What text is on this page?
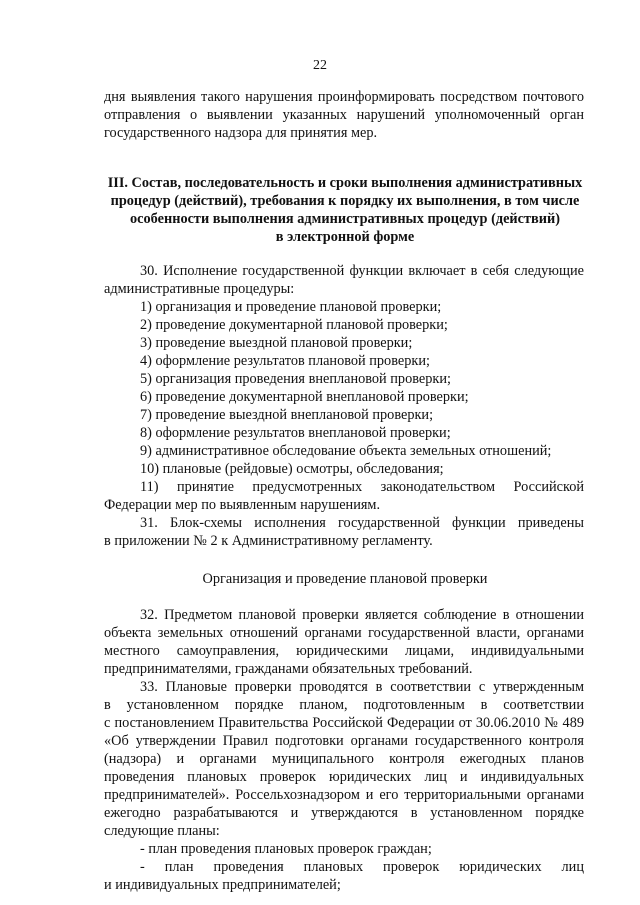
22
дня выявления такого нарушения проинформировать посредством почтового
отправления о выявлении указанных нарушений уполномоченный орган
государственного надзора для принятия мер.
III. Состав, последовательность и сроки выполнения административных
процедур (действий), требования к порядку их выполнения, в том числе
особенности выполнения административных процедур (действий)
в электронной форме
30. Исполнение государственной функции включает в себя следующие
административные процедуры:
1) организация и проведение плановой проверки;
2) проведение документарной плановой проверки;
3) проведение выездной плановой проверки;
4) оформление результатов плановой проверки;
5) организация проведения внеплановой проверки;
6) проведение документарной внеплановой проверки;
7) проведение выездной внеплановой проверки;
8) оформление результатов внеплановой проверки;
9) административное обследование объекта земельных отношений;
10) плановые (рейдовые) осмотры, обследования;
11) принятие предусмотренных законодательством Российской
Федерации мер по выявленным нарушениям.
31. Блок-схемы исполнения государственной функции приведены
в приложении № 2 к Административному регламенту.
Организация и проведение плановой проверки
32. Предметом плановой проверки является соблюдение в отношении
объекта земельных отношений органами государственной власти, органами
местного самоуправления, юридическими лицами, индивидуальными
предпринимателями, гражданами обязательных требований.
33. Плановые проверки проводятся в соответствии с утвержденным
в установленном порядке планом, подготовленным в соответствии
с постановлением Правительства Российской Федерации от 30.06.2010 № 489
«Об утверждении Правил подготовки органами государственного контроля
(надзора) и органами муниципального контроля ежегодных планов
проведения плановых проверок юридических лиц и индивидуальных
предпринимателей». Россельхознадзором и его территориальными органами
ежегодно разрабатываются и утверждаются в установленном порядке
следующие планы:
- план проведения плановых проверок граждан;
- план проведения плановых проверок юридических лиц
и индивидуальных предпринимателей;
